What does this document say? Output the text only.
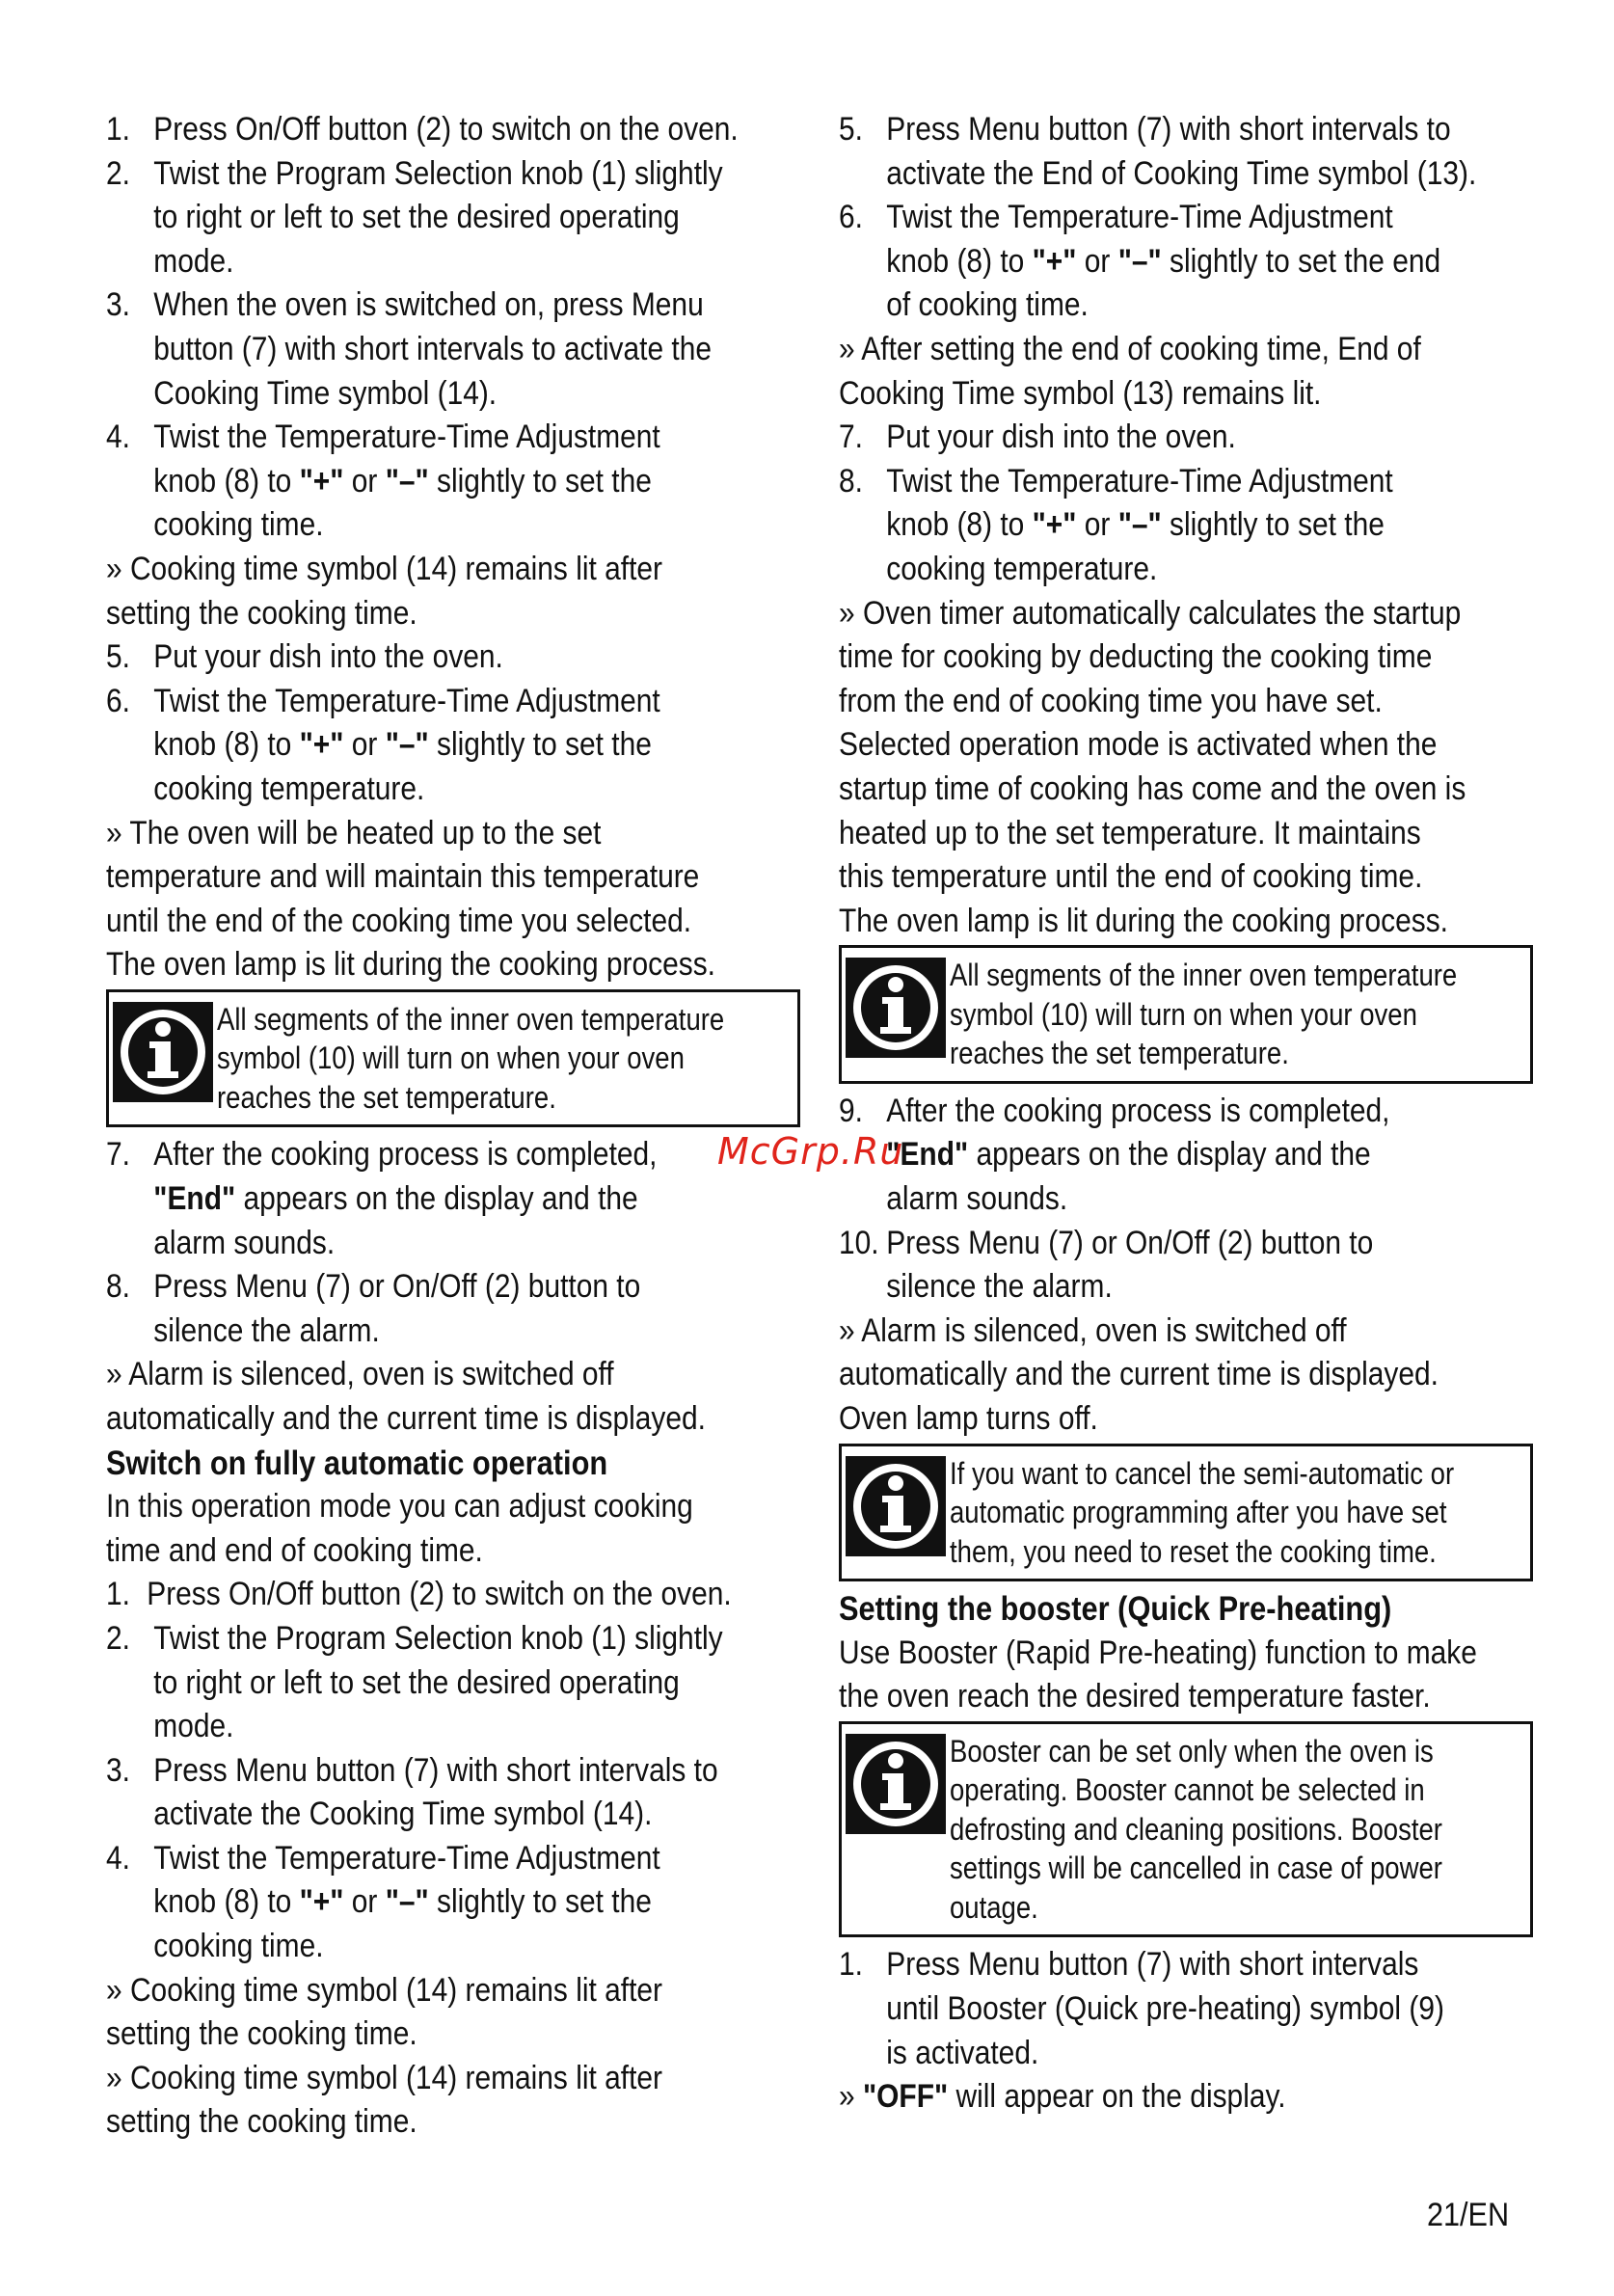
1. Press On/Off button (2) to switch on the oven.
2. Twist the Program Selection knob (1) slightly
to right or left to set the desired operating
mode.
3. When the oven is switched on, press Menu
button (7) with short intervals to activate the
Cooking Time symbol (14).
4. Twist the Temperature-Time Adjustment
knob (8) to "+" or "–" slightly to set the
cooking time.
» Cooking time symbol (14) remains lit after
setting the cooking time.
5. Put your dish into the oven.
6. Twist the Temperature-Time Adjustment
knob (8) to "+" or "–" slightly to set the
cooking temperature.
» The oven will be heated up to the set
temperature and will maintain this temperature
until the end of the cooking time you selected.
The oven lamp is lit during the cooking process.
All segments of the inner oven temperature
symbol (10) will turn on when your oven
reaches the set temperature.
7. After the cooking process is completed,
"End" appears on the display and the
alarm sounds.
8. Press Menu (7) or On/Off (2) button to
silence the alarm.
» Alarm is silenced, oven is switched off
automatically and the current time is displayed.
Switch on fully automatic operation
In this operation mode you can adjust cooking
time and end of cooking time.
1. Press On/Off button (2) to switch on the oven.
2. Twist the Program Selection knob (1) slightly
to right or left to set the desired operating
mode.
3. Press Menu button (7) with short intervals to
activate the Cooking Time symbol (14).
4. Twist the Temperature-Time Adjustment
knob (8) to "+" or "–" slightly to set the
cooking time.
» Cooking time symbol (14) remains lit after
setting the cooking time.
» Cooking time symbol (14) remains lit after
setting the cooking time.
5. Press Menu button (7) with short intervals to
activate the End of Cooking Time symbol (13).
6. Twist the Temperature-Time Adjustment
knob (8) to "+" or "–" slightly to set the end
of cooking time.
» After setting the end of cooking time, End of
Cooking Time symbol (13) remains lit.
7. Put your dish into the oven.
8. Twist the Temperature-Time Adjustment
knob (8) to "+" or "–" slightly to set the
cooking temperature.
» Oven timer automatically calculates the startup
time for cooking by deducting the cooking time
from the end of cooking time you have set.
Selected operation mode is activated when the
startup time of cooking has come and the oven is
heated up to the set temperature. It maintains
this temperature until the end of cooking time.
The oven lamp is lit during the cooking process.
All segments of the inner oven temperature
symbol (10) will turn on when your oven
reaches the set temperature.
9. After the cooking process is completed,
"End" appears on the display and the
alarm sounds.
10. Press Menu (7) or On/Off (2) button to
silence the alarm.
» Alarm is silenced, oven is switched off
automatically and the current time is displayed.
Oven lamp turns off.
If you want to cancel the semi-automatic or
automatic programming after you have set
them, you need to reset the cooking time.
Setting the booster (Quick Pre-heating)
Use Booster (Rapid Pre-heating) function to make
the oven reach the desired temperature faster.
Booster can be set only when the oven is
operating. Booster cannot be selected in
defrosting and cleaning positions. Booster
settings will be cancelled in case of power
outage.
1. Press Menu button (7) with short intervals
until Booster (Quick pre-heating) symbol (9)
is activated.
» "OFF" will appear on the display.
McGrp.Ru
21/EN
